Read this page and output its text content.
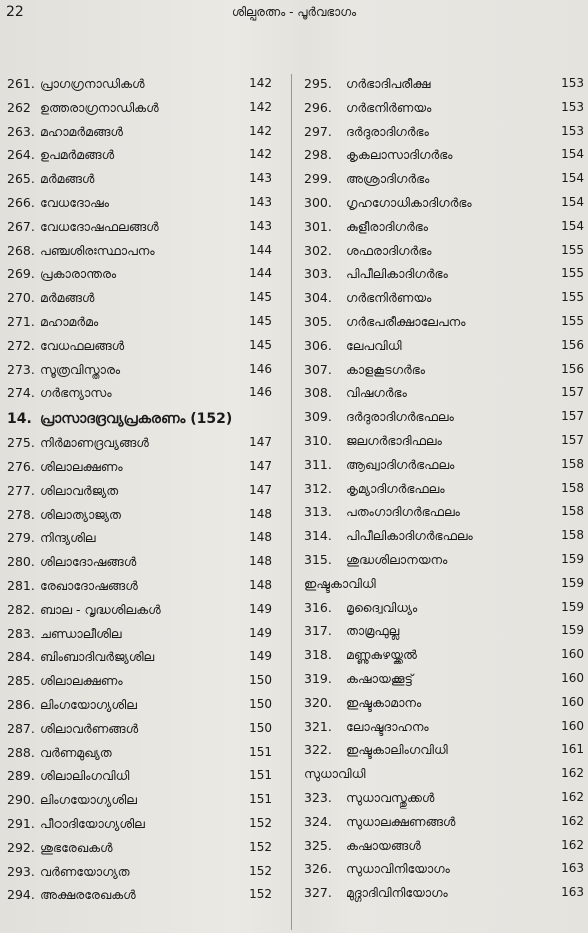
22	ശില്പരത്നം - പൂർവഭാഗം
261. പ്രാഗഗ്രനാഡികൾ	142
262 ഉത്തരാഗ്രനാഡികൾ	142
263. മഹാമർമങ്ങൾ	142
264. ഉപമർമങ്ങൾ	142
265. മർമങ്ങൾ	143
266. വേധദോഷം	143
267. വേധദോഷഫലങ്ങൾ	143
268. പഞ്ചശിരഃസ്ഥാപനം	144
269. പ്രകാരാന്തരം	144
270. മർമങ്ങൾ	145
271. മഹാമർമം	145
272. വേധഫലങ്ങൾ	145
273. സൂത്രവിസ്താരം	146
274. ഗർഭന്യാസം	146
14. പ്രാസാദദ്രവ്യപ്രകരണം (152)
275. നിർമാണദ്രവ്യങ്ങൾ	147
276. ശിലാലക്ഷണം	147
277. ശിലാവർജ്യത	147
278. ശിലാത്യാജ്യത	148
279. നിന്ദ്യശില	148
280. ശിലാദോഷങ്ങൾ	148
281. രേഖാദോഷങ്ങൾ	148
282. ബാല - വൃദ്ധശിലകൾ	149
283. ചണ്ഡാലീശില	149
284. ബിംബാദിവർജ്യശില	149
285. ശിലാലക്ഷണം	150
286. ലിംഗയോഗ്യശില	150
287. ശിലാവർണങ്ങൾ	150
288. വർണമുഖ്യത	151
289. ശിലാലിംഗവിധി	151
290. ലിംഗയോഗ്യശില	151
291. പീഠാദിയോഗ്യശില	152
292. ശുഭരേഖകൾ	152
293. വർണയോഗ്യത	152
294. അക്ഷരരേഖകൾ	152
295. ഗർഭാദിപരീക്ഷ	153
296. ഗർഭനിർണയം	153
297. ദർദുരാദിഗർഭം	153
298. കൃകലാസാദിഗർഭം	154
299. അശ്രാദിഗർഭം	154
300. ഗൃഹഗോധികാദിഗർഭം	154
301. കുളീരാദിഗർഭം	154
302. ശഫരാദിഗർഭം	155
303. പിപീലികാദിഗർഭം	155
304. ഗർഭനിർണയം	155
305. ഗർഭപരീക്ഷാലേപനം	155
306. ലേപവിധി	156
307. കാളകൂടഗർഭം	156
308. വിഷഗർഭം	157
309. ദർദുരാദിഗർഭഫലം	157
310. ജലഗർഭാദിഫലം	157
311. ആഖ്വാദിഗർഭഫലം	158
312. കൃമ്യാദിഗർഭഫലം	158
313. പതംഗാദിഗർഭഫലം	158
314. പിപീലികാദിഗർഭഫലം	158
315. ശുദ്ധശിലാനയനം	159
ഇഷ്ടകാവിധി	159
316. മൃദ്വൈവിധ്യം	159
317. താമ്രഫുല്ല	159
318. മണ്ണുകുഴയ്ക്കൽ	160
319. കഷായക്കൂട്ട്	160
320. ഇഷ്ടകാമാനം	160
321. ലോഷ്ടദാഹനം	160
322. ഇഷ്ടകാലിംഗവിധി	161
സുധാവിധി	162
323. സുധാവസ്തുക്കൾ	162
324. സുധാലക്ഷണങ്ങൾ	162
325. കഷായങ്ങൾ	162
326. സുധാവിനിയോഗം	163
327. മുദ്ഗാദിവിനിയോഗം	163
